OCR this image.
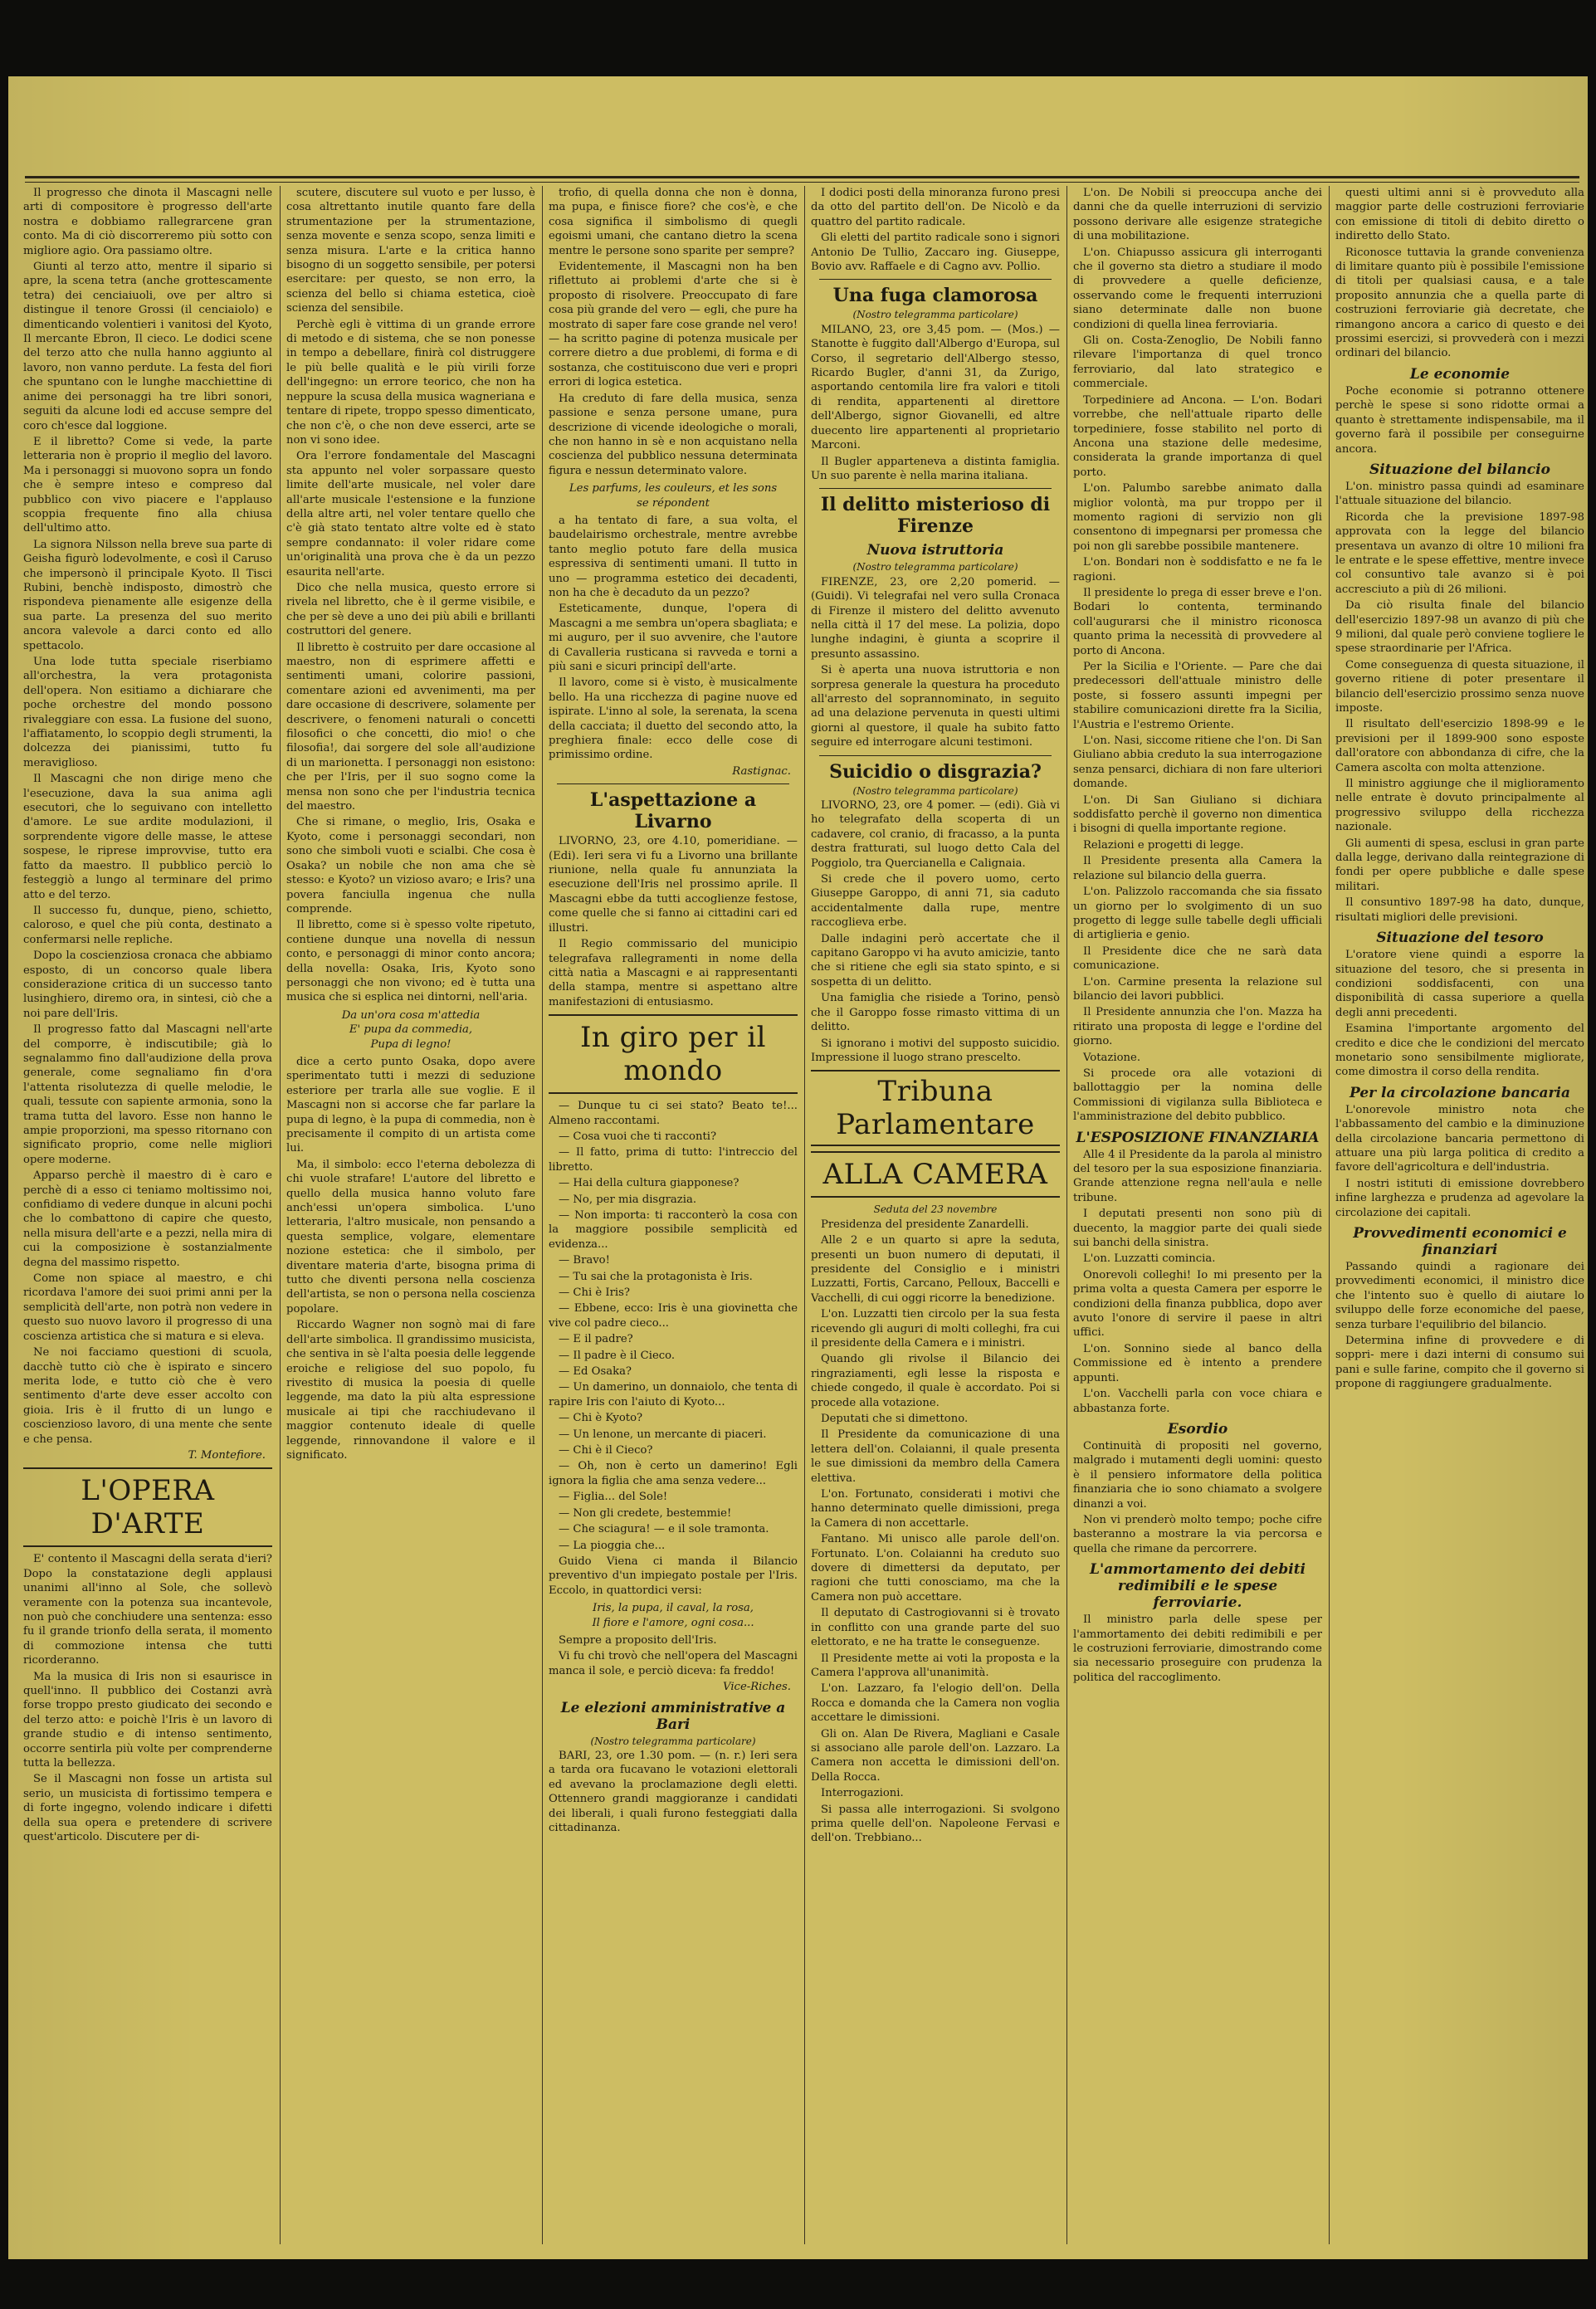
Il progresso che dinota il Mascagni nelle arti di compositore è progresso dell'arte nostra e dobbiamo rallegrarcene gran conto. Ma di ciò discorreremo più sotto con migliore agio. Ora passiamo oltre.

Giunti al terzo atto, mentre il sipario si apre, la scena tetra (anche grottescamente tetra) dei cenciaiuoli, ove per altro si distingue il tenore Grossi (il cenciaiolo) e dimenticando volentieri i vanitosi del Kyoto, Il mercante Ebron, Il cieco. Le dodici scene del terzo atto che nulla hanno aggiunto al lavoro, non vanno perdute. La festa del fiori che spuntano con le lunghe macchiettine di anime dei personaggi ha tre libri sonori, seguiti da alcune lodi ed accuse sempre del coro ch'esce dal loggione.

E il libretto? Come si vede, la parte letteraria non è proprio il meglio del lavoro. Ma i personaggi si muovono sopra un fondo che è sempre inteso e compreso dal pubblico con vivo piacere e l'applauso scoppia frequente fino alla chiusa dell'ultimo atto.

La signora Nilsson nella breve sua parte di Geisha figurò lodevolmente, e così il Caruso che impersonò il principale Kyoto. Il Tisci Rubini, benchè indisposto, dimostrò che rispondeva pienamente alle esigenze della sua parte. La presenza del suo merito ancora valevole a darci conto ed allo spettacolo.

Una lode tutta speciale riserbiamo all'orchestra, la vera protagonista dell'opera. Non esitiamo a dichiarare che poche orchestre del mondo possono rivaleggiare con essa. La fusione del suono, l'affiatamento, lo scoppio degli strumenti, la dolcezza dei pianissimi, tutto fu meraviglioso.

Il Mascagni che non dirige meno che l'esecuzione, dava la sua anima agli esecutori, che lo seguivano con intelletto d'amore. Le sue ardite modulazioni, il sorprendente vigore delle masse, le attese sospese, le riprese improvvise, tutto era fatto da maestro. Il pubblico perciò lo festeggiò a lungo al terminare del primo atto e del terzo.

Il successo fu, dunque, pieno, schietto, caloroso, e quel che più conta, destinato a confermarsi nelle repliche.

Dopo la coscienziosa cronaca che abbiamo esposto, di un concorso quale libera considerazione critica di un successo tanto lusinghiero, diremo ora, in sintesi, ciò che a noi pare dell'Iris.

Il progresso fatto dal Mascagni nell'arte del comporre, è indiscutibile; già lo segnalammo fino dall'audizione della prova generale, come segnaliamo fin d'ora l'attenta risolutezza di quelle melodie, le quali, tessute con sapiente armonia, sono la trama tutta del lavoro. Esse non hanno le ampie proporzioni, ma spesso ritornano con significato proprio, come nelle migliori opere moderne.

Apparso perchè il maestro di è caro e perchè di a esso ci teniamo moltissimo noi, confidiamo di vedere dunque in alcuni pochi che lo combattono di capire che questo, nella misura dell'arte e a pezzi, nella mira di cui la composizione è sostanzialmente degna del massimo rispetto.

Come non spiace al maestro, e chi ricordava l'amore dei suoi primi anni per la semplicità dell'arte, non potrà non vedere in questo suo nuovo lavoro il progresso di una coscienza artistica che si matura e si eleva.

Ne noi facciamo questioni di scuola, dacchè tutto ciò che è ispirato e sincero merita lode, e tutto ciò che è vero sentimento d'arte deve esser accolto con gioia. Iris è il frutto di un lungo e coscienzioso lavoro, di una mente che sente e che pensa.

T. Montefiore.
L'OPERA D'ARTE

E' contento il Mascagni della serata d'ieri? Dopo la constatazione degli applausi unanimi all'inno al Sole, che sollevò veramente con la potenza sua incantevole, non può che conchiudere una sentenza: esso fu il grande trionfo della serata, il momento di commozione intensa che tutti ricorderanno.

Ma la musica di Iris non si esaurisce in quell'inno. Il pubblico dei Costanzi avrà forse troppo presto giudicato dei secondo e del terzo atto: e poichè l'Iris è un lavoro di grande studio e di intenso sentimento, occorre sentirla più volte per comprenderne tutta la bellezza.

Se il Mascagni non fosse un artista sul serio, un musicista di fortissimo tempera e di forte ingegno, volendo indicare i difetti della sua opera e pretendere di scrivere quest'articolo. Discutere per di-

scutere, discutere sul vuoto e per lusso, è cosa altrettanto inutile quanto fare della strumentazione per la strumentazione, senza movente e senza scopo, senza limiti e senza misura. L'arte e la critica hanno bisogno di un soggetto sensibile, per potersi esercitare: per questo, se non erro, la scienza del bello si chiama estetica, cioè scienza del sensibile.

Perchè egli è vittima di un grande errore di metodo e di sistema, che se non ponesse in tempo a debellare, finirà col distruggere le più belle qualità e le più virili forze dell'ingegno: un errore teorico, che non ha neppure la scusa della musica wagneriana e tentare di ripete, troppo spesso dimenticato, che non c'è, o che non deve esserci, arte se non vi sono idee.

Ora l'errore fondamentale del Mascagni sta appunto nel voler sorpassare questo limite dell'arte musicale, nel voler dare all'arte musicale l'estensione e la funzione della altre arti, nel voler tentare quello che c'è già stato tentato altre volte ed è stato sempre condannato: il voler ridare come un'originalità una prova che è da un pezzo esaurita nell'arte.

Dico che nella musica, questo errore si rivela nel libretto, che è il germe visibile, e che per sè deve a uno dei più abili e brillanti costruttori del genere.

Il libretto è costruito per dare occasione al maestro, non di esprimere affetti e sentimenti umani, colorire passioni, comentare azioni ed avvenimenti, ma per dare occasione di descrivere, solamente per descrivere, o fenomeni naturali o concetti filosofici o che concetti, dio mio! o che filosofia!, dai sorgere del sole all'audizione di un marionetta. I personaggi non esistono: che per l'Iris, per il suo sogno come la mensa non sono che per l'industria tecnica del maestro.

Che si rimane, o meglio, Iris, Osaka e Kyoto, come i personaggi secondari, non sono che simboli vuoti e scialbi. Che cosa è Osaka? un nobile che non ama che sè stesso: e Kyoto? un vizioso avaro; e Iris? una povera fanciulla ingenua che nulla comprende.

Il libretto, come si è spesso volte ripetuto, contiene dunque una novella di nessun conto, e personaggi di minor conto ancora; della novella: Osaka, Iris, Kyoto sono personaggi che non vivono; ed è tutta una musica che si esplica nei dintorni, nell'aria.

Da un'ora cosa m'attedia
E' pupa da commedia,
Pupa di legno!

dice a certo punto Osaka, dopo avere sperimentato tutti i mezzi di seduzione esteriore per trarla alle sue voglie. E il Mascagni non si accorse che far parlare la pupa di legno, è la pupa di commedia, non è precisamente il compito di un artista come lui.

Ma, il simbolo: ecco l'eterna debolezza di chi vuole strafare! L'autore del libretto e quello della musica hanno voluto fare anch'essi un'opera simbolica. L'uno letteraria, l'altro musicale, non pensando a questa semplice, volgare, elementare nozione estetica: che il simbolo, per diventare materia d'arte, bisogna prima di tutto che diventi persona nella coscienza dell'artista, se non o persona nella coscienza popolare.

Riccardo Wagner non sognò mai di fare dell'arte simbolica. Il grandissimo musicista, che sentiva in sè l'alta poesia delle leggende eroiche e religiose del suo popolo, fu rivestito di musica la poesia di quelle leggende, ma dato la più alta espressione musicale ai tipi che racchiudevano il maggior contenuto ideale di quelle leggende, rinnovandone il valore e il significato.

trofio, di quella donna che non è donna, ma pupa, e finisce fiore? che cos'è, e che cosa significa il simbolismo di quegli egoismi umani, che cantano dietro la scena mentre le persone sono sparite per sempre?

Evidentemente, il Mascagni non ha ben riflettuto ai problemi d'arte che si è proposto di risolvere. Preoccupato di fare cosa più grande del vero — egli, che pure ha mostrato di saper fare cose grande nel vero! — ha scritto pagine di potenza musicale per correre dietro a due problemi, di forma e di sostanza, che costituiscono due veri e propri errori di logica estetica.

Ha creduto di fare della musica, senza passione e senza persone umane, pura descrizione di vicende ideologiche o morali, che non hanno in sè e non acquistano nella coscienza del pubblico nessuna determinata figura e nessun determinato valore.

Les parfums, les couleurs, et les sons
se répondent

a ha tentato di fare, a sua volta, el baudelairismo orchestrale, mentre avrebbe tanto meglio potuto fare della musica espressiva di sentimenti umani. Il tutto in uno — programma estetico dei decadenti, non ha che è decaduto da un pezzo?

Esteticamente, dunque, l'opera di Mascagni a me sembra un'opera sbagliata; e mi auguro, per il suo avvenire, che l'autore di Cavalleria rusticana si ravveda e torni a più sani e sicuri principî dell'arte.

Il lavoro, come si è visto, è musicalmente bello. Ha una ricchezza di pagine nuove ed ispirate. L'inno al sole, la serenata, la scena della cacciata; il duetto del secondo atto, la preghiera finale: ecco delle cose di primissimo ordine.

Rastignac.
L'aspettazione a Livarno

LIVORNO, 23, ore 4.10, pomeridiane. — (Edi). Ieri sera vi fu a Livorno una brillante riunione, nella quale fu annunziata la esecuzione dell'Iris nel prossimo aprile. Il Mascagni ebbe da tutti accoglienze festose, come quelle che si fanno ai cittadini cari ed illustri.

Il Regio commissario del municipio telegrafava rallegramenti in nome della città natìa a Mascagni e ai rappresentanti della stampa, mentre si aspettano altre manifestazioni di entusiasmo.

In giro per il mondo

— Dunque tu ci sei stato? Beato te!... Almeno raccontami.

— Cosa vuoi che ti racconti?

— Il fatto, prima di tutto: l'intreccio del libretto.

— Hai della cultura giapponese?

— No, per mia disgrazia.

— Non importa: ti racconterò la cosa con la maggiore possibile semplicità ed evidenza...

— Bravo!

— Tu sai che la protagonista è Iris.

— Chi è Iris?

— Ebbene, ecco: Iris è una giovinetta che vive col padre cieco...

— E il padre?

— Il padre è il Cieco.

— Ed Osaka?

— Un damerino, un donnaiolo, che tenta di rapire Iris con l'aiuto di Kyoto...

— Chi è Kyoto?

— Un lenone, un mercante di piaceri.

— Chi è il Cieco?

— Oh, non è certo un damerino! Egli ignora la figlia che ama senza vedere...

— Figlia... del Sole!

— Non gli credete, bestemmie!

— Che sciagura! — e il sole tramonta.

— La pioggia che...

Guido Viena ci manda il Bilancio preventivo d'un impiegato postale per l'Iris. Eccolo, in quattordici versi:

Iris, la pupa, il caval, la rosa,
Il fiore e l'amore, ogni cosa...

Sempre a proposito dell'Iris.

Vi fu chi trovò che nell'opera del Mascagni manca il sole, e perciò diceva: fa freddo!

Vice-Riches.
Le elezioni amministrative a Bari
(Nostro telegramma particolare)

BARI, 23, ore 1.30 pom. — (n. r.) Ieri sera a tarda ora fucavano le votazioni elettorali ed avevano la proclamazione degli eletti. Ottennero grandi maggioranze i candidati dei liberali, i quali furono festeggiati dalla cittadinanza.

I dodici posti della minoranza furono presi da otto del partito dell'on. De Nicolò e da quattro del partito radicale.

Gli eletti del partito radicale sono i signori Antonio De Tullio, Zaccaro ing. Giuseppe, Bovio avv. Raffaele e di Cagno avv. Pollio.

Una fuga clamorosa
(Nostro telegramma particolare)

MILANO, 23, ore 3,45 pom. — (Mos.) — Stanotte è fuggito dall'Albergo d'Europa, sul Corso, il segretario dell'Albergo stesso, Ricardo Bugler, d'anni 31, da Zurigo, asportando centomila lire fra valori e titoli di rendita, appartenenti al direttore dell'Albergo, signor Giovanelli, ed altre duecento lire appartenenti al proprietario Marconi.

Il Bugler apparteneva a distinta famiglia. Un suo parente è nella marina italiana.

Il delitto misterioso di Firenze
Nuova istruttoria
(Nostro telegramma particolare)

FIRENZE, 23, ore 2,20 pomerid. — (Guidi). Vi telegrafai nel vero sulla Cronaca di Firenze il mistero del delitto avvenuto nella città il 17 del mese. La polizia, dopo lunghe indagini, è giunta a scoprire il presunto assassino.

Si è aperta una nuova istruttoria e non sorpresa generale la questura ha proceduto all'arresto del soprannominato, in seguito ad una delazione pervenuta in questi ultimi giorni al questore, il quale ha subito fatto seguire ed interrogare alcuni testimoni.

Suicidio o disgrazia?
(Nostro telegramma particolare)

LIVORNO, 23, ore 4 pomer. — (edi). Già vi ho telegrafato della scoperta di un cadavere, col cranio, di fracasso, a la punta destra fratturati, sul luogo detto Cala del Poggiolo, tra Quercianella e Calignaia.

Si crede che il povero uomo, certo Giuseppe Garoppo, di anni 71, sia caduto accidentalmente dalla rupe, mentre raccoglieva erbe.

Dalle indagini però accertate che il capitano Garoppo vi ha avuto amicizie, tanto che si ritiene che egli sia stato spinto, e si sospetta di un delitto.

Una famiglia che risiede a Torino, pensò che il Garoppo fosse rimasto vittima di un delitto.

Si ignorano i motivi del supposto suicidio. Impressione il luogo strano prescelto.

Tribuna Parlamentare
ALLA CAMERA
Seduta del 23 novembre

Presidenza del presidente Zanardelli.

Alle 2 e un quarto si apre la seduta, presenti un buon numero di deputati, il presidente del Consiglio e i ministri Luzzatti, Fortis, Carcano, Pelloux, Baccelli e Vacchelli, di cui oggi ricorre la benedizione.

L'on. Luzzatti tien circolo per la sua festa ricevendo gli auguri di molti colleghi, fra cui il presidente della Camera e i ministri.

Quando gli rivolse il Bilancio dei ringraziamenti, egli lesse la risposta e chiede congedo, il quale è accordato. Poi si procede alla votazione.

Deputati che si dimettono.

Il Presidente da comunicazione di una lettera dell'on. Colaianni, il quale presenta le sue dimissioni da membro della Camera elettiva.

L'on. Fortunato, considerati i motivi che hanno determinato quelle dimissioni, prega la Camera di non accettarle.

Fantano. Mi unisco alle parole dell'on. Fortunato. L'on. Colaianni ha creduto suo dovere di dimettersi da deputato, per ragioni che tutti conosciamo, ma che la Camera non può accettare.

Il deputato di Castrogiovanni si è trovato in conflitto con una grande parte del suo elettorato, e ne ha tratte le conseguenze.

Il Presidente mette ai voti la proposta e la Camera l'approva all'unanimità.

L'on. Lazzaro, fa l'elogio dell'on. Della Rocca e domanda che la Camera non voglia accettare le dimissioni.

Gli on. Alan De Rivera, Magliani e Casale si associano alle parole dell'on. Lazzaro. La Camera non accetta le dimissioni dell'on. Della Rocca.

Interrogazioni.

Si passa alle interrogazioni. Si svolgono prima quelle dell'on. Napoleone Fervasi e dell'on. Trebbiano...

L'on. De Nobili si preoccupa anche dei danni che da quelle interruzioni di servizio possono derivare alle esigenze strategiche di una mobilitazione.

L'on. Chiapusso assicura gli interroganti che il governo sta dietro a studiare il modo di provvedere a quelle deficienze, osservando come le frequenti interruzioni siano determinate dalle non buone condizioni di quella linea ferroviaria.

Gli on. Costa-Zenoglio, De Nobili fanno rilevare l'importanza di quel tronco ferroviario, dal lato strategico e commerciale.

Torpediniere ad Ancona. — L'on. Bodari vorrebbe, che nell'attuale riparto delle torpediniere, fosse stabilito nel porto di Ancona una stazione delle medesime, considerata la grande importanza di quel porto.

L'on. Palumbo sarebbe animato dalla miglior volontà, ma pur troppo per il momento ragioni di servizio non gli consentono di impegnarsi per promessa che poi non gli sarebbe possibile mantenere.

L'on. Bondari non è soddisfatto e ne fa le ragioni.

Il presidente lo prega di esser breve e l'on. Bodari lo contenta, terminando coll'augurarsi che il ministro riconosca quanto prima la necessità di provvedere al porto di Ancona.

Per la Sicilia e l'Oriente. — Pare che dai predecessori dell'attuale ministro delle poste, si fossero assunti impegni per stabilire comunicazioni dirette fra la Sicilia, l'Austria e l'estremo Oriente.

L'on. Nasi, siccome ritiene che l'on. Di San Giuliano abbia creduto la sua interrogazione senza pensarci, dichiara di non fare ulteriori domande.

L'on. Di San Giuliano si dichiara soddisfatto perchè il governo non dimentica i bisogni di quella importante regione.

Relazioni e progetti di legge.

Il Presidente presenta alla Camera la relazione sul bilancio della guerra.

L'on. Palizzolo raccomanda che sia fissato un giorno per lo svolgimento di un suo progetto di legge sulle tabelle degli ufficiali di artiglieria e genio.

Il Presidente dice che ne sarà data comunicazione.

L'on. Carmine presenta la relazione sul bilancio dei lavori pubblici.

Il Presidente annunzia che l'on. Mazza ha ritirato una proposta di legge e l'ordine del giorno.

Votazione.

Si procede ora alle votazioni di ballottaggio per la nomina delle Commissioni di vigilanza sulla Biblioteca e l'amministrazione del debito pubblico.

L'ESPOSIZIONE FINANZIARIA

Alle 4 il Presidente da la parola al ministro del tesoro per la sua esposizione finanziaria. Grande attenzione regna nell'aula e nelle tribune.

I deputati presenti non sono più di duecento, la maggior parte dei quali siede sui banchi della sinistra.

L'on. Luzzatti comincia.

Onorevoli colleghi! Io mi presento per la prima volta a questa Camera per esporre le condizioni della finanza pubblica, dopo aver avuto l'onore di servire il paese in altri uffici.

L'on. Sonnino siede al banco della Commissione ed è intento a prendere appunti.

L'on. Vacchelli parla con voce chiara e abbastanza forte.

Esordio

Continuità di propositi nel governo, malgrado i mutamenti degli uomini: questo è il pensiero informatore della politica finanziaria che io sono chiamato a svolgere dinanzi a voi.

Non vi prenderò molto tempo; poche cifre basteranno a mostrare la via percorsa e quella che rimane da percorrere.

L'ammortamento dei debiti redimibili e le spese ferroviarie.

Il ministro parla delle spese per l'ammortamento dei debiti redimibili e per le costruzioni ferroviarie, dimostrando come sia necessario proseguire con prudenza la politica del raccoglimento.

questi ultimi anni si è provveduto alla maggior parte delle costruzioni ferroviarie con emissione di titoli di debito diretto o indiretto dello Stato.

Riconosce tuttavia la grande convenienza di limitare quanto più è possibile l'emissione di titoli per qualsiasi causa, e a tale proposito annunzia che a quella parte di costruzioni ferroviarie già decretate, che rimangono ancora a carico di questo e dei prossimi esercizi, si provvederà con i mezzi ordinari del bilancio.

Le economie

Poche economie si potranno ottenere perchè le spese si sono ridotte ormai a quanto è strettamente indispensabile, ma il governo farà il possibile per conseguirne ancora.

Situazione del bilancio

L'on. ministro passa quindi ad esaminare l'attuale situazione del bilancio.

Ricorda che la previsione 1897-98 approvata con la legge del bilancio presentava un avanzo di oltre 10 milioni fra le entrate e le spese effettive, mentre invece col consuntivo tale avanzo si è poi accresciuto a più di 26 milioni.

Da ciò risulta finale del bilancio dell'esercizio 1897-98 un avanzo di più che 9 milioni, dal quale però conviene togliere le spese straordinarie per l'Africa.

Come conseguenza di questa situazione, il governo ritiene di poter presentare il bilancio dell'esercizio prossimo senza nuove imposte.

Il risultato dell'esercizio 1898-99 e le previsioni per il 1899-900 sono esposte dall'oratore con abbondanza di cifre, che la Camera ascolta con molta attenzione.

Il ministro aggiunge che il miglioramento nelle entrate è dovuto principalmente al progressivo sviluppo della ricchezza nazionale.

Gli aumenti di spesa, esclusi in gran parte dalla legge, derivano dalla reintegrazione di fondi per opere pubbliche e dalle spese militari.

Il consuntivo 1897-98 ha dato, dunque, risultati migliori delle previsioni.

Situazione del tesoro

L'oratore viene quindi a esporre la situazione del tesoro, che si presenta in condizioni soddisfacenti, con una disponibilità di cassa superiore a quella degli anni precedenti.

Esamina l'importante argomento del credito e dice che le condizioni del mercato monetario sono sensibilmente migliorate, come dimostra il corso della rendita.

Per la circolazione bancaria

L'onorevole ministro nota che l'abbassamento del cambio e la diminuzione della circolazione bancaria permettono di attuare una più larga politica di credito a favore dell'agricoltura e dell'industria.

I nostri istituti di emissione dovrebbero infine larghezza e prudenza ad agevolare la circolazione dei capitali.

Provvedimenti economici e finanziari

Passando quindi a ragionare dei provvedimenti economici, il ministro dice che l'intento suo è quello di aiutare lo sviluppo delle forze economiche del paese, senza turbare l'equilibrio del bilancio.

Determina infine di provvedere e di soppri- mere i dazi interni di consumo sui pani e sulle farine, compito che il governo si propone di raggiungere gradualmente.
